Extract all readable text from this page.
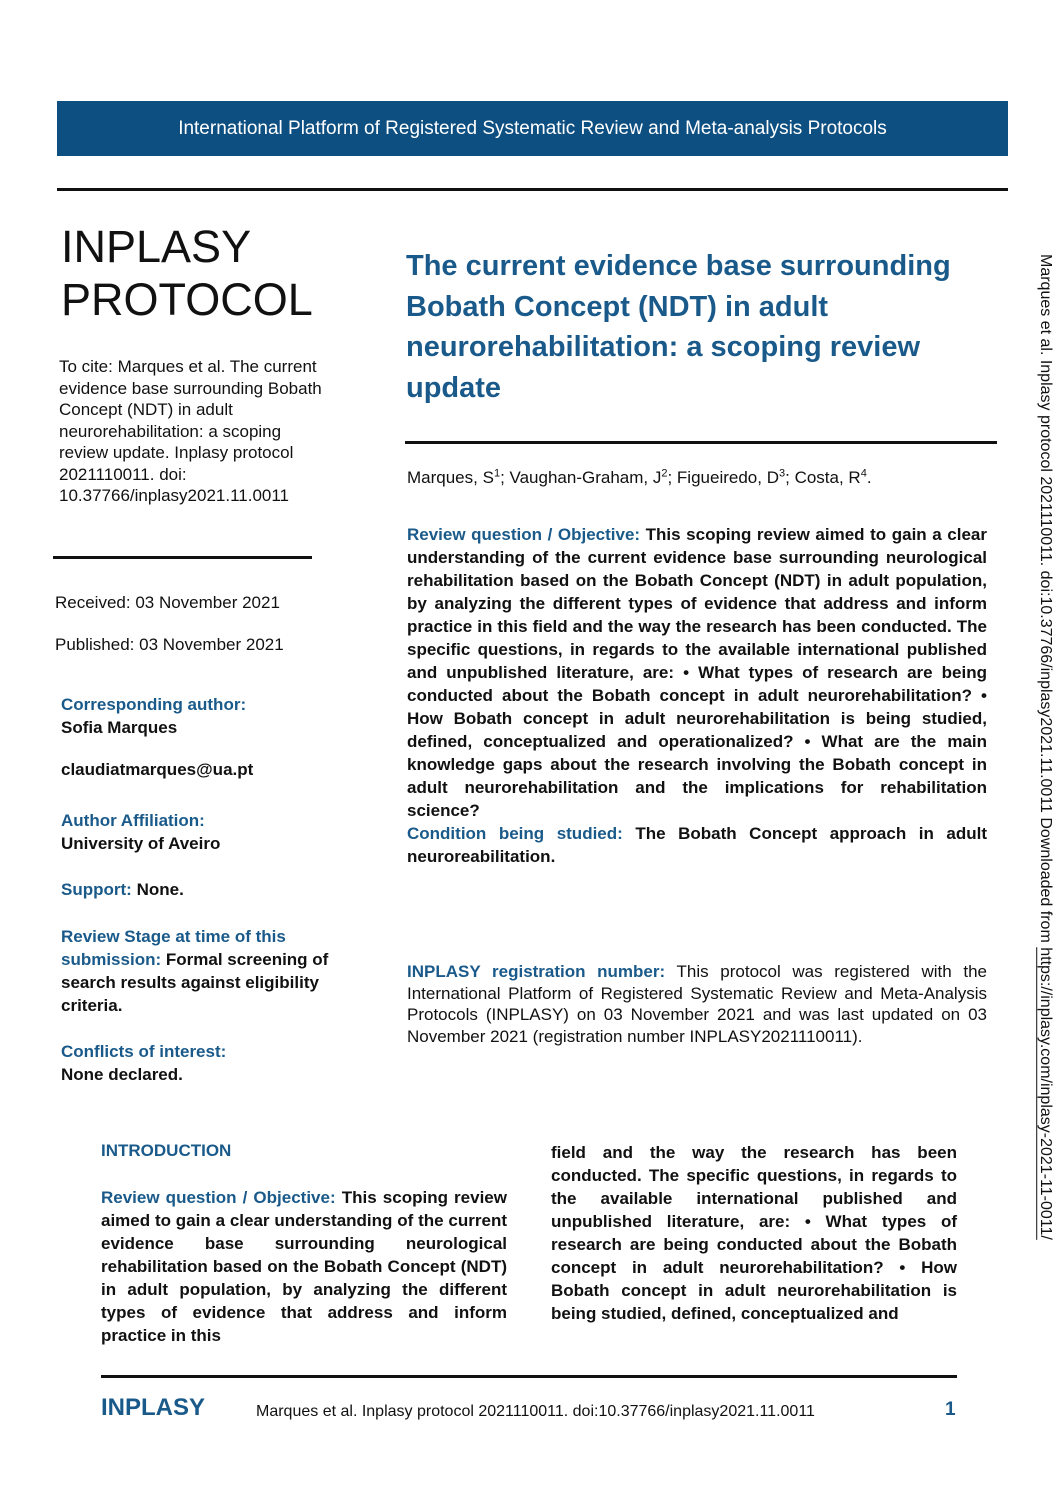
International Platform of Registered Systematic Review and Meta-analysis Protocols
INPLASY
PROTOCOL
To cite: Marques et al. The current evidence base surrounding Bobath Concept (NDT) in adult neurorehabilitation: a scoping review update. Inplasy protocol 2021110011. doi: 10.37766/inplasy2021.11.0011
Received: 03 November 2021
Published: 03 November 2021
Corresponding author:
Sofia Marques
claudiatmarques@ua.pt
Author Affiliation:
University of Aveiro
Support: None.
Review Stage at time of this submission: Formal screening of search results against eligibility criteria.
Conflicts of interest:
None declared.
The current evidence base surrounding Bobath Concept (NDT) in adult neurorehabilitation: a scoping review update
Marques, $S^1$; Vaughan-Graham, $J^2$; Figueiredo, $D^3$; Costa, $R^4$.

Review question / Objective: This scoping review aimed to gain a clear understanding of the current evidence base surrounding neurological rehabilitation based on the Bobath Concept (NDT) in adult population, by analyzing the different types of evidence that address and inform practice in this field and the way the research has been conducted. The specific questions, in regards to the available international published and unpublished literature, are: • What types of research are being conducted about the Bobath concept in adult neurorehabilitation? • How Bobath concept in adult neurorehabilitation is being studied, defined, conceptualized and operationalized? • What are the main knowledge gaps about the research involving the Bobath concept in adult neurorehabilitation and the implications for rehabilitation science?

Condition being studied: The Bobath Concept approach in adult neuroreabilitation.

INPLASY registration number: This protocol was registered with the International Platform of Registered Systematic Review and Meta-Analysis Protocols (INPLASY) on 03 November 2021 and was last updated on 03 November 2021 (registration number INPLASY2021110011).
INTRODUCTION
Review question / Objective: This scoping review aimed to gain a clear understanding of the current evidence base surrounding neurological rehabilitation based on the Bobath Concept (NDT) in adult population, by analyzing the different types of evidence that address and inform practice in this
field and the way the research has been conducted. The specific questions, in regards to the available international published and unpublished literature, are: • What types of research are being conducted about the Bobath concept in adult neurorehabilitation? • How Bobath concept in adult neurorehabilitation is being studied, defined, conceptualized and
INPLASY	Marques et al. Inplasy protocol 2021110011. doi:10.37766/inplasy2021.11.0011	1
Marques et al. Inplasy protocol 2021110011. doi:10.37766/inplasy2021.11.0011 Downloaded from https://inplasy.com/inplasy-2021-11-0011/
